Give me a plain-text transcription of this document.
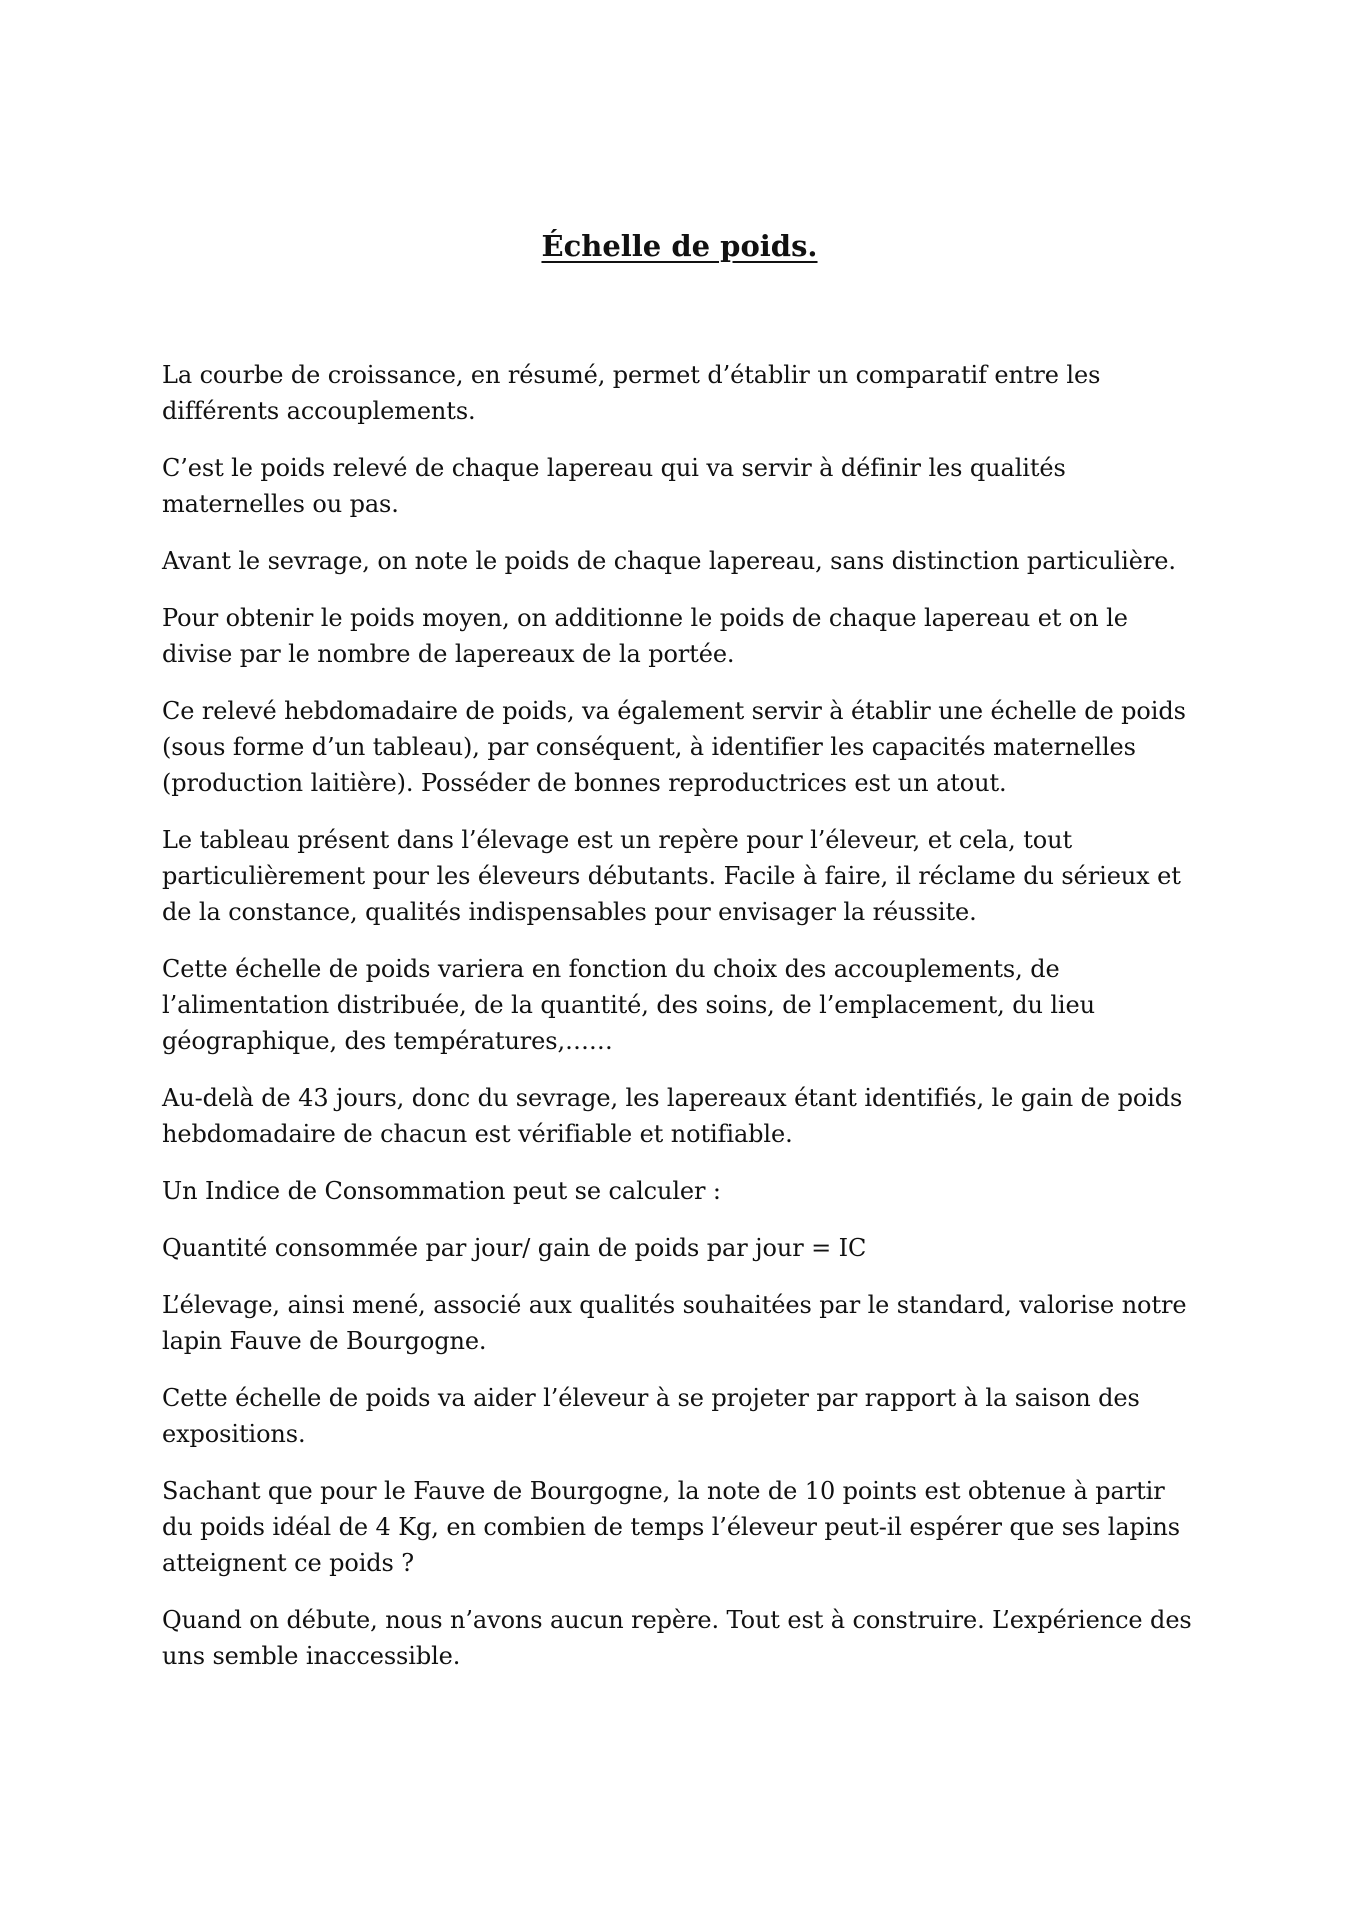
Échelle de poids.

La courbe de croissance, en résumé, permet d’établir un comparatif entre les différents accouplements.

C’est le poids relevé de chaque lapereau qui va servir à définir les qualités maternelles ou pas.

Avant le sevrage, on note le poids de chaque lapereau, sans distinction particulière.

Pour obtenir le poids moyen, on additionne le poids de chaque lapereau et on le divise par le nombre de lapereaux de la portée.

Ce relevé hebdomadaire de poids, va également servir à établir une échelle de poids (sous forme d’un tableau), par conséquent, à identifier les capacités maternelles (production laitière). Posséder de bonnes reproductrices est un atout.

Le tableau présent dans l’élevage est un repère pour l’éleveur, et cela, tout particulièrement pour les éleveurs débutants. Facile à faire, il réclame du sérieux et de la constance, qualités indispensables pour envisager la réussite.

Cette échelle de poids variera en fonction du choix des accouplements, de l’alimentation distribuée, de la quantité, des soins, de l’emplacement, du lieu géographique, des températures,……

Au-delà de 43 jours, donc du sevrage, les lapereaux étant identifiés, le gain de poids hebdomadaire de chacun est vérifiable et notifiable.

Un Indice de Consommation peut se calculer :

Quantité consommée par jour/ gain de poids par jour = IC

L’élevage, ainsi mené, associé aux qualités souhaitées par le standard, valorise notre lapin Fauve de Bourgogne.

Cette échelle de poids va aider l’éleveur à se projeter par rapport à la saison des expositions.

Sachant que pour le Fauve de Bourgogne, la note de 10 points est obtenue à partir du poids idéal de 4 Kg, en combien de temps l’éleveur peut-il espérer que ses lapins atteignent ce poids ?

Quand on débute, nous n’avons aucun repère. Tout est à construire. L’expérience des uns semble inaccessible.
